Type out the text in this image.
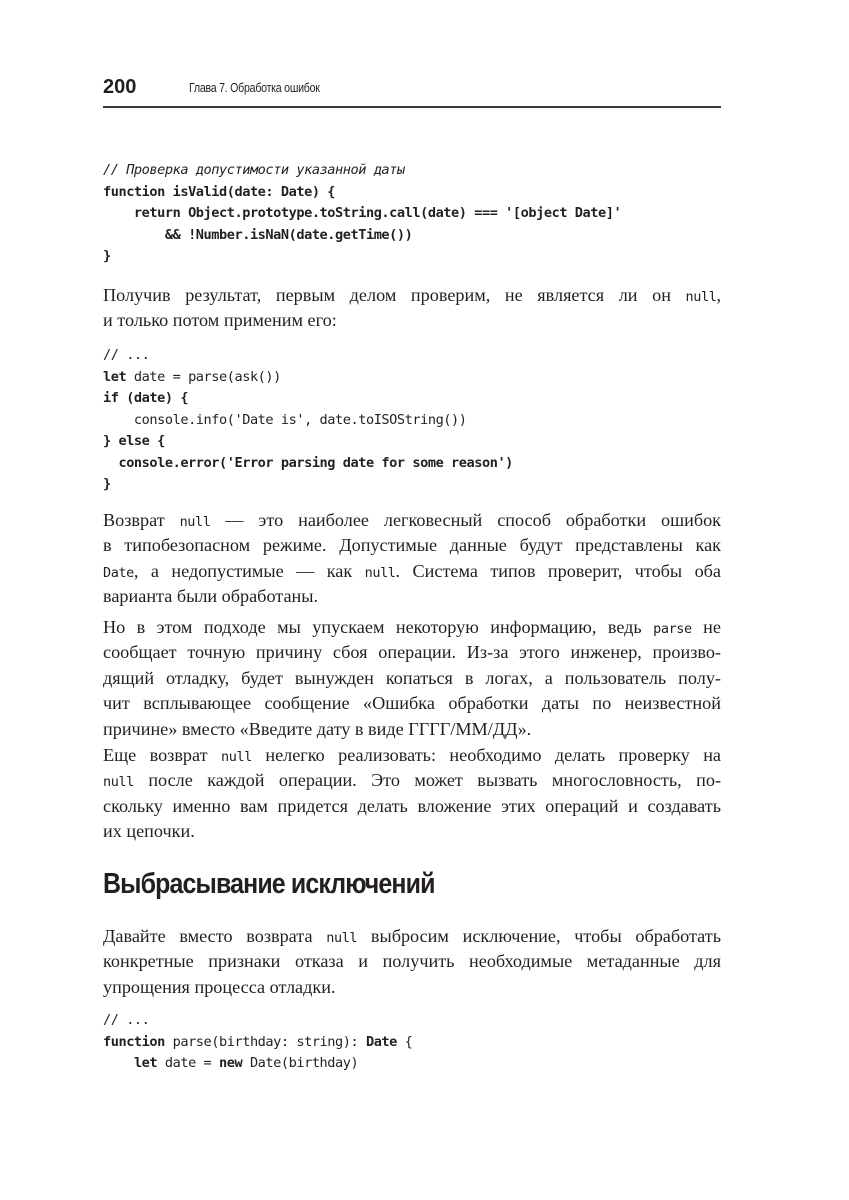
200	Глава 7. Обработка ошибок
// Проверка допустимости указанной даты
function isValid(date: Date) {
return Object.prototype.toString.call(date) === '[object Date]'
&& !Number.isNaN(date.getTime())
}
Получив результат, первым делом проверим, не является ли он null,
и только потом применим его:
// ...
let date = parse(ask())
if (date) {
console.info('Date is', date.toISOString())
} else {
console.error('Error parsing date for some reason')
}
Возврат null — это наиболее легковесный способ обработки ошибок
в типобезопасном режиме. Допустимые данные будут представлены как
Date, а недопустимые — как null. Система типов проверит, чтобы оба
варианта были обработаны.
Но в этом подходе мы упускаем некоторую информацию, ведь parse не
сообщает точную причину сбоя операции. Из-за этого инженер, произво-
дящий отладку, будет вынужден копаться в логах, а пользователь полу-
чит всплывающее сообщение «Ошибка обработки даты по неизвестной
причине» вместо «Введите дату в виде ГГГГ/ММ/ДД».
Еще возврат null нелегко реализовать: необходимо делать проверку на
null после каждой операции. Это может вызвать многословность, по-
скольку именно вам придется делать вложение этих операций и создавать
их цепочки.
Выбрасывание исключений
Давайте вместо возврата null выбросим исключение, чтобы обработать
конкретные признаки отказа и получить необходимые метаданные для
упрощения процесса отладки.
// ...
function parse(birthday: string): Date {
let date = new Date(birthday)
